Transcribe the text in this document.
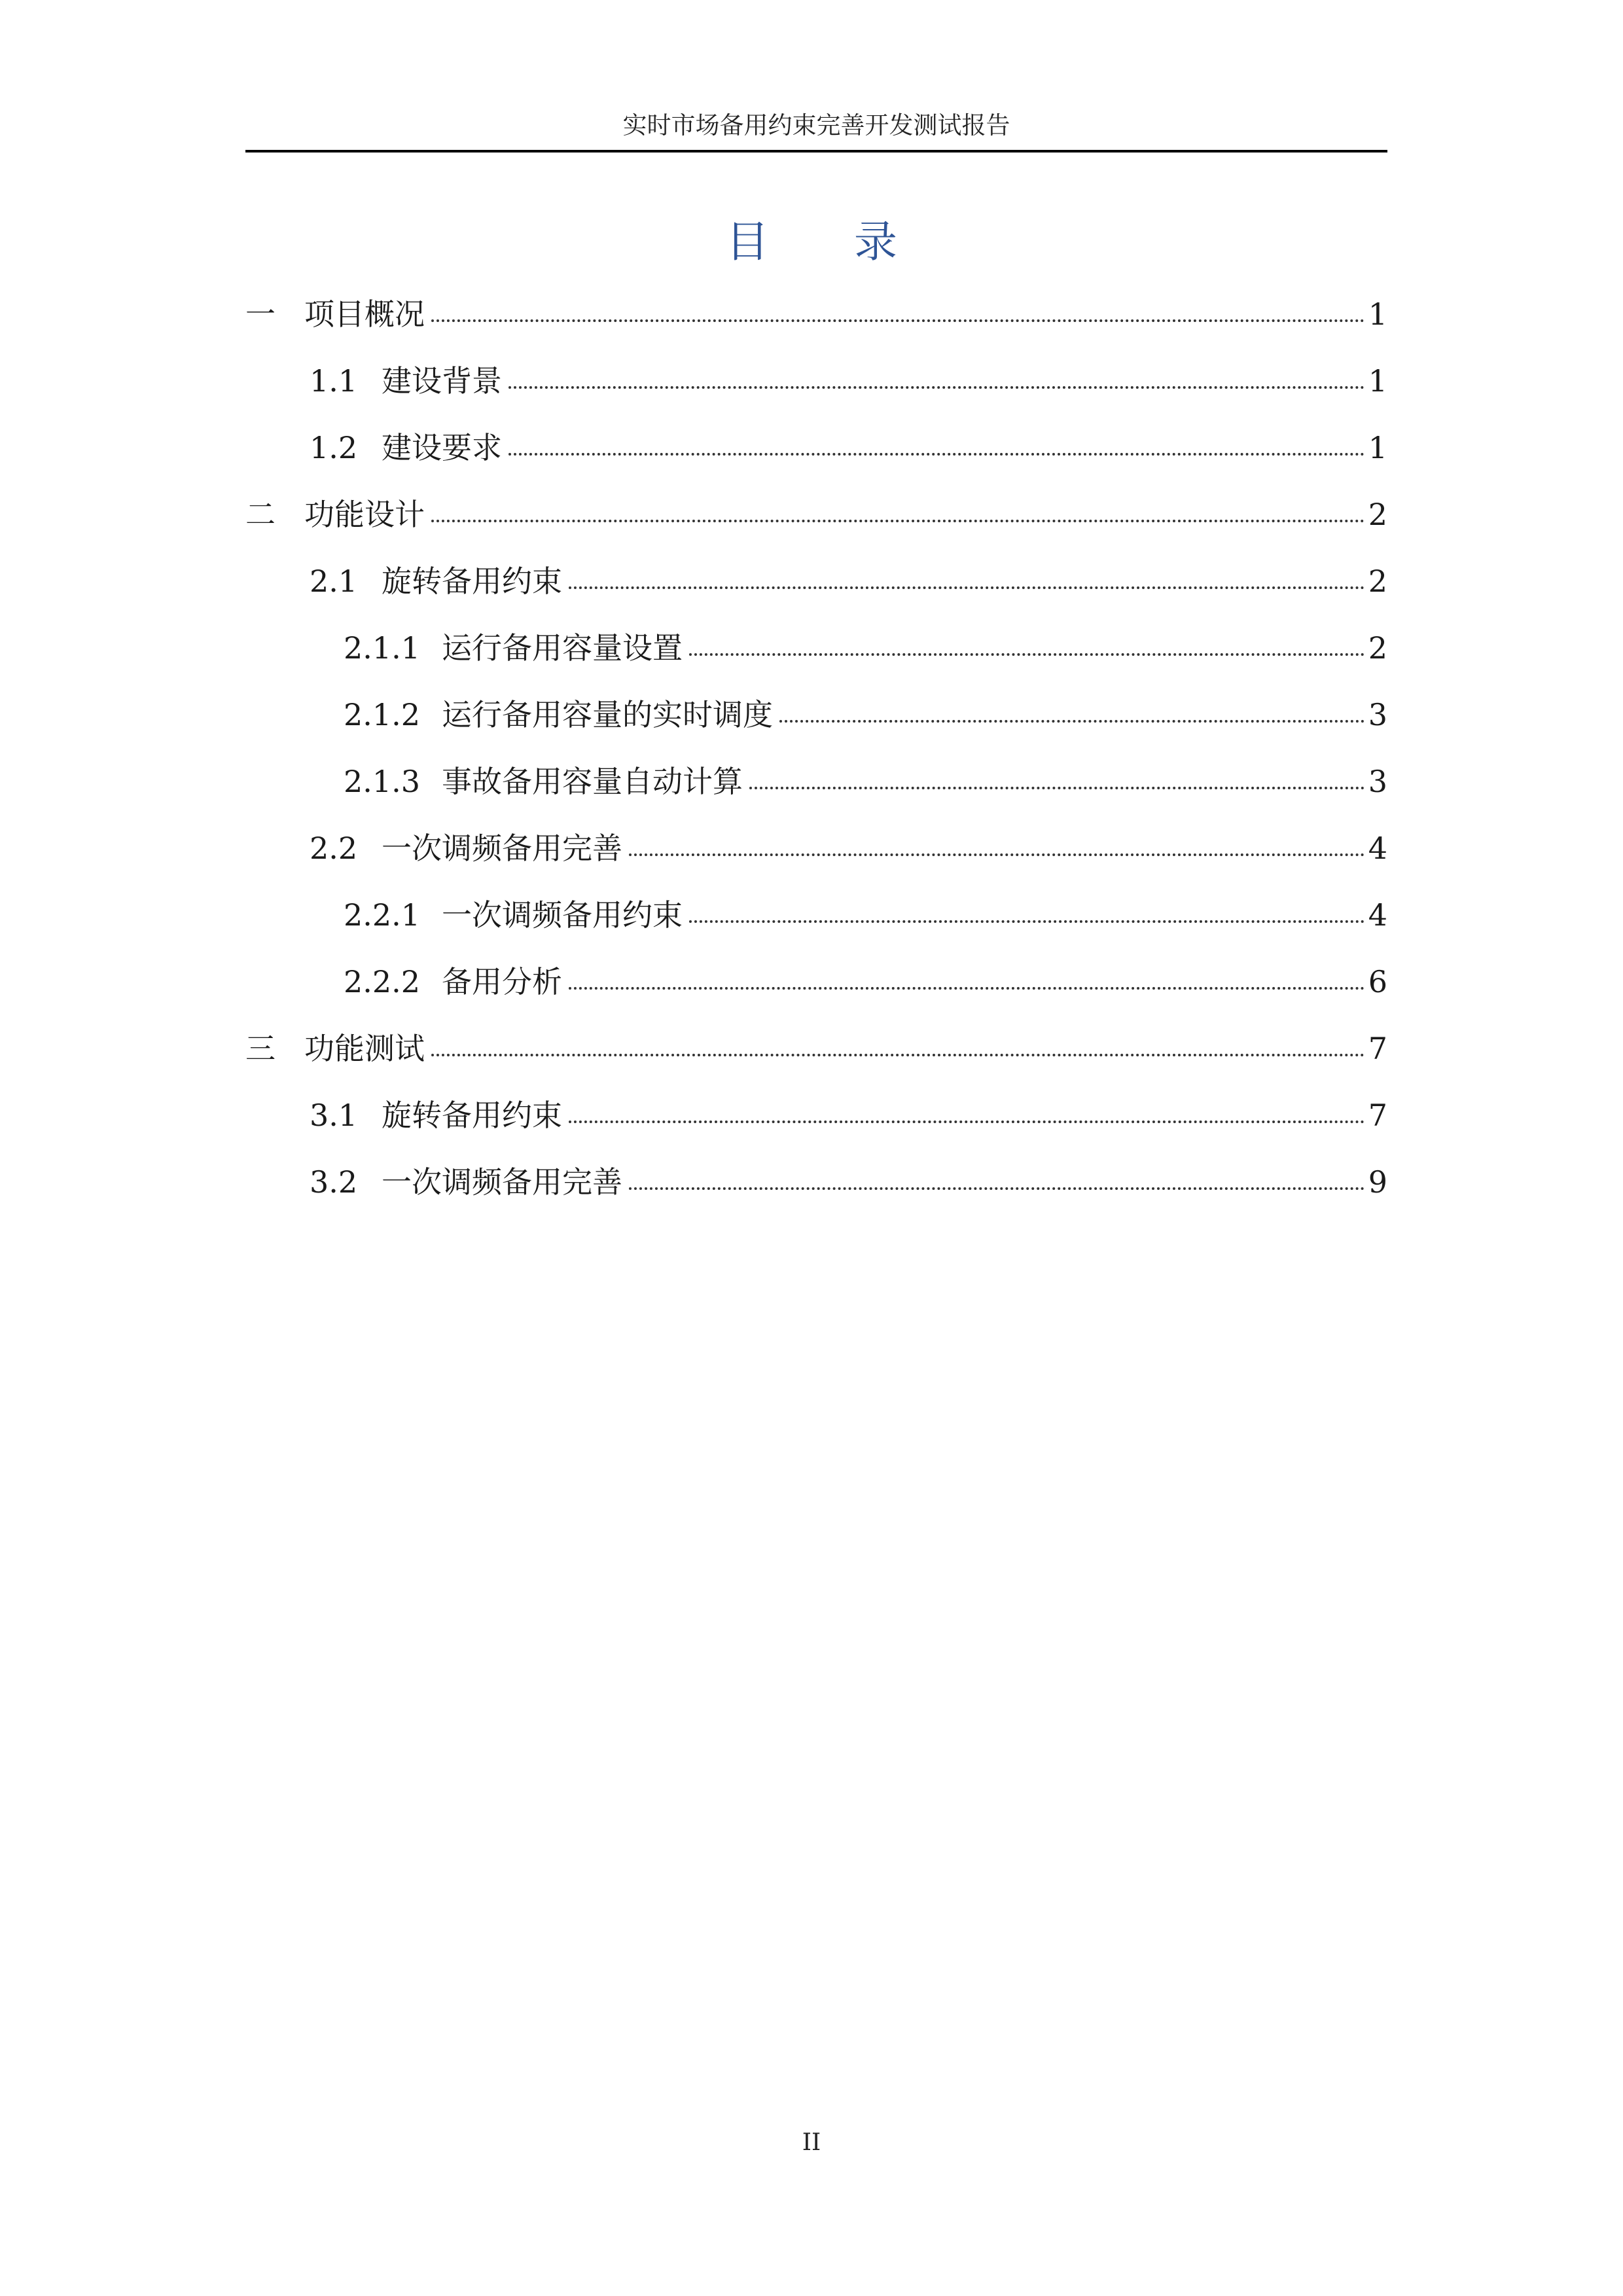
实时市场备用约束完善开发测试报告
目录
一 项目概况	1
1.1 建设背景	1
1.2 建设要求	1
二 功能设计	2
2.1 旋转备用约束	2
2.1.1 运行备用容量设置	2
2.1.2 运行备用容量的实时调度	3
2.1.3 事故备用容量自动计算	3
2.2 一次调频备用完善	4
2.2.1 一次调频备用约束	4
2.2.2 备用分析	6
三 功能测试	7
3.1 旋转备用约束	7
3.2 一次调频备用完善	9
II
